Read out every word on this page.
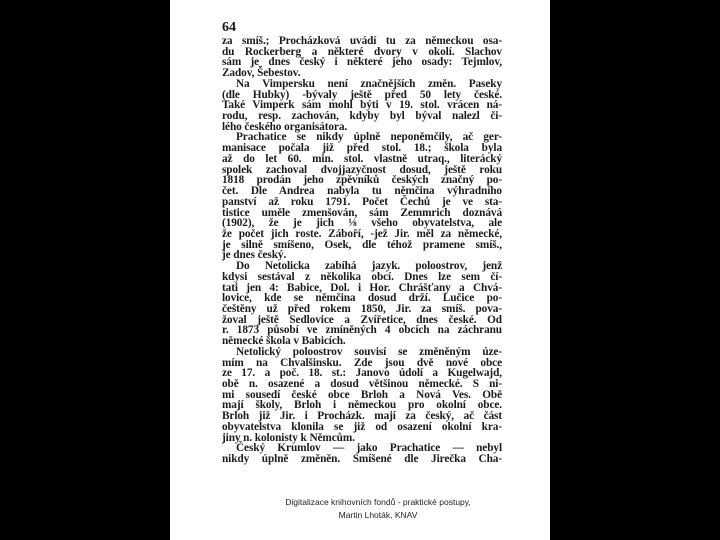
64
za smíš.; Procházková uvádí tu za německou osa-
du Rockerberg a některé dvory v okolí. Slachov
sám je dnes český i některé jeho osady: Tejmlov,
Zadov, Šebestov.
Na Vimpersku není značnějších změn. Paseky
(dle Hubky) -bývaly ještě před 50 lety české.
Také Vimperk sám mohl býti v 19. stol. vrácen ná-
rodu, resp. zachován, kdyby byl býval nalezl či-
lého českého organisátora.
Prachatice se nikdy úplně neponěmčily, ač ger-
manisace počala již před stol. 18.; škola byla
až do let 60. min. stol. vlastně utraq., literácký
spolek zachoval dvojjazyčnost dosud, ještě roku
1818 prodán jeho zpěvníků českých značný po-
čet. Dle Andrea nabyla tu němčina výhradního
panství až roku 1791. Počet Čechů je ve sta-
tistice uměle zmenšován, sám Zemmrich doznává
(1902), že je jich ⅛ všeho obyvatelstva, ale
že počet jich roste. Záboří, -jež Jir. měl za německé,
je silně smíšeno, Osek, dle téhož pramene smíš.,
je dnes český.
Do Netolicka zabíhá jazyk. poloostrov, jenž
kdysi sestával z několika obcí. Dnes lze sem čí-
tati jen 4: Babice, Dol. i Hor. Chrášťany a Chvá-
lovice, kde se němčina dosud drží. Lučice po-
češtěny už před rokem 1850, Jir. za smíš. pova-
žoval ještě Sedlovice a Zvířetice, dnes české. Od
r. 1873 působí ve zmíněných 4 obcích na záchranu
německé škola v Babicích.
Netolický poloostrov souvisí se změněným úze-
mím na Chvalšinsku. Zde jsou dvě nové obce
ze 17. a poč. 18. st.: Janovo údolí a Kugelwajd,
obě n. osazené a dosud většinou německé. S ni-
mi sousedí české obce Brloh a Nová Ves. Obě
mají školy, Brloh i německou pro okolní obce.
Brloh již Jir. i Procházk. mají za český, ač část
obyvatelstva klonila se již od osazení okolní kra-
jiny n. kolonisty k Němcům.
Český Krumlov — jako Prachatice — nebyl
nikdy úplně změněn. Smíšené dle Jirečka Cha-
Digitalizace knihovních fondů - praktické postupy,
Martin Lhoták, KNAV
